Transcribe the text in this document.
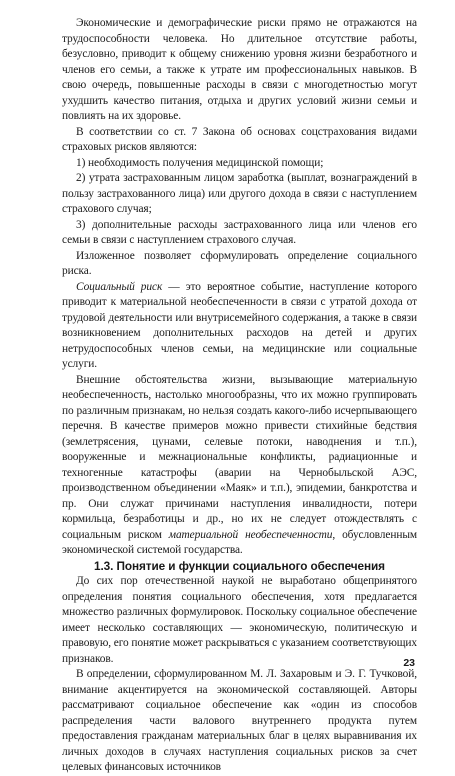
Экономические и демографические риски прямо не отражаются на трудоспособности человека. Но длительное отсутствие работы, безусловно, приводит к общему снижению уровня жизни безработного и членов его семьи, а также к утрате им профессиональных навыков. В свою очередь, повышенные расходы в связи с многодетностью могут ухудшить качество питания, отдыха и других условий жизни семьи и повлиять на их здоровье.

В соответствии со ст. 7 Закона об основах соцстрахования видами страховых рисков являются:

1) необходимость получения медицинской помощи;

2) утрата застрахованным лицом заработка (выплат, вознаграждений в пользу застрахованного лица) или другого дохода в связи с наступлением страхового случая;

3) дополнительные расходы застрахованного лица или членов его семьи в связи с наступлением страхового случая.

Изложенное позволяет сформулировать определение социального риска.

Социальный риск — это вероятное событие, наступление которого приводит к материальной необеспеченности в связи с утратой дохода от трудовой деятельности или внутрисемейного содержания, а также в связи возникновением дополнительных расходов на детей и других нетрудоспособных членов семьи, на медицинские или социальные услуги.

Внешние обстоятельства жизни, вызывающие материальную необеспеченность, настолько многообразны, что их можно группировать по различным признакам, но нельзя создать какого-либо исчерпывающего перечня. В качестве примеров можно привести стихийные бедствия (землетрясения, цунами, селевые потоки, наводнения и т.п.), вооруженные и межнациональные конфликты, радиационные и техногенные катастрофы (аварии на Чернобыльской АЭС, производственном объединении «Маяк» и т.п.), эпидемии, банкротства и пр. Они служат причинами наступления инвалидности, потери кормильца, безработицы и др., но их не следует отождествлять с социальным риском материальной необеспеченности, обусловленным экономической системой государства.

1.3. Понятие и функции социального обеспечения

До сих пор отечественной наукой не выработано общепринятого определения понятия социального обеспечения, хотя предлагается множество различных формулировок. Поскольку социальное обеспечение имеет несколько составляющих — экономическую, политическую и правовую, его понятие может раскрываться с указанием соответствующих признаков.

В определении, сформулированном М. Л. Захаровым и Э. Г. Тучковой, внимание акцентируется на экономической составляющей. Авторы рассматривают социальное обеспечение как «один из способов распределения части валового внутреннего продукта путем предоставления гражданам материальных благ в целях выравнивания их личных доходов в случаях наступления социальных рисков за счет целевых финансовых источников

23
